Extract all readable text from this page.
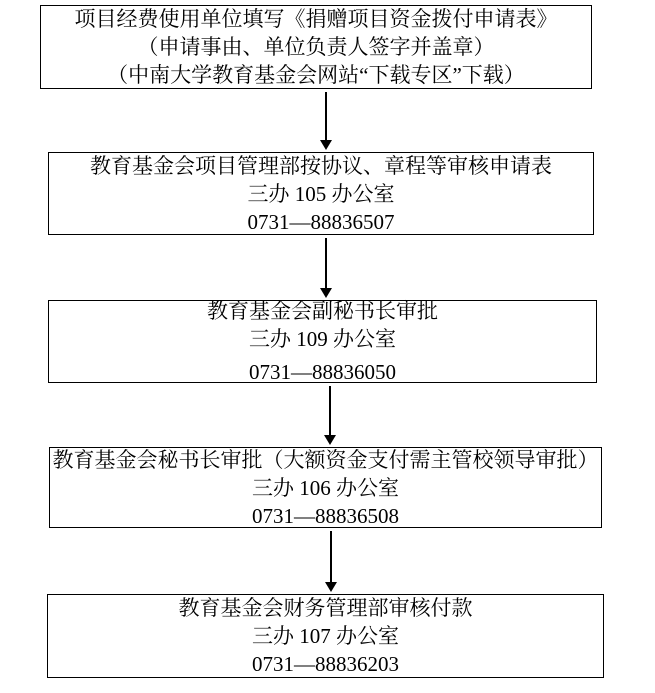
项目经费使用单位填写《捐赠项目资金拨付申请表》
（申请事由、单位负责人签字并盖章）
（中南大学教育基金会网站“下载专区”下载）
教育基金会项目管理部按协议、章程等审核申请表
三办 105 办公室
0731—88836507
教育基金会副秘书长审批
三办 109 办公室
0731—88836050
教育基金会秘书长审批（大额资金支付需主管校领导审批）
三办 106 办公室
0731—88836508
教育基金会财务管理部审核付款
三办 107 办公室
0731—88836203
